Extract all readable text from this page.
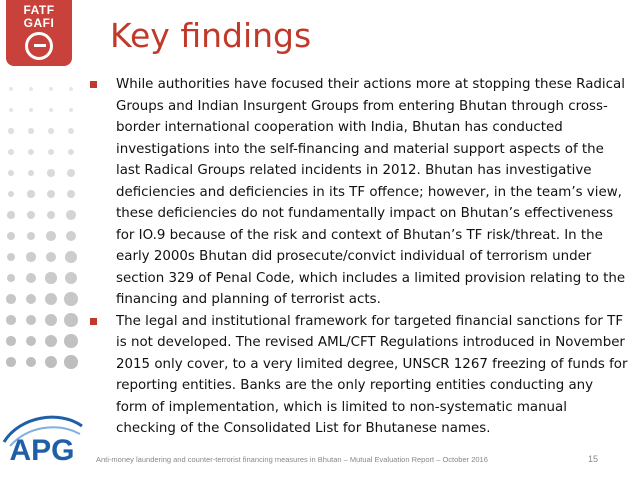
FATF
GAFI
APG
Key findings

While authorities have focused their actions more at stopping these Radical Groups and Indian Insurgent Groups from entering Bhutan through cross-border international cooperation with India, Bhutan has conducted investigations into the self-financing and material support aspects of the last Radical Groups related incidents in 2012. Bhutan has investigative deficiencies and deficiencies in its TF offence; however, in the team’s view, these deficiencies do not fundamentally impact on Bhutan’s effectiveness for IO.9 because of the risk and context of Bhutan’s TF risk/threat. In the early 2000s Bhutan did prosecute/convict individual of terrorism under section 329 of Penal Code, which includes a limited provision relating to the financing and planning of terrorist acts.

The legal and institutional framework for targeted financial sanctions for TF is not developed. The revised AML/CFT Regulations introduced in November 2015 only cover, to a very limited degree, UNSCR 1267 freezing of funds for reporting entities. Banks are the only reporting entities conducting any form of implementation, which is limited to non-systematic manual checking of the Consolidated List for Bhutanese names.

Anti-money laundering and counter-terrorist financing measures in Bhutan – Mutual Evaluation Report – October 2016	15
